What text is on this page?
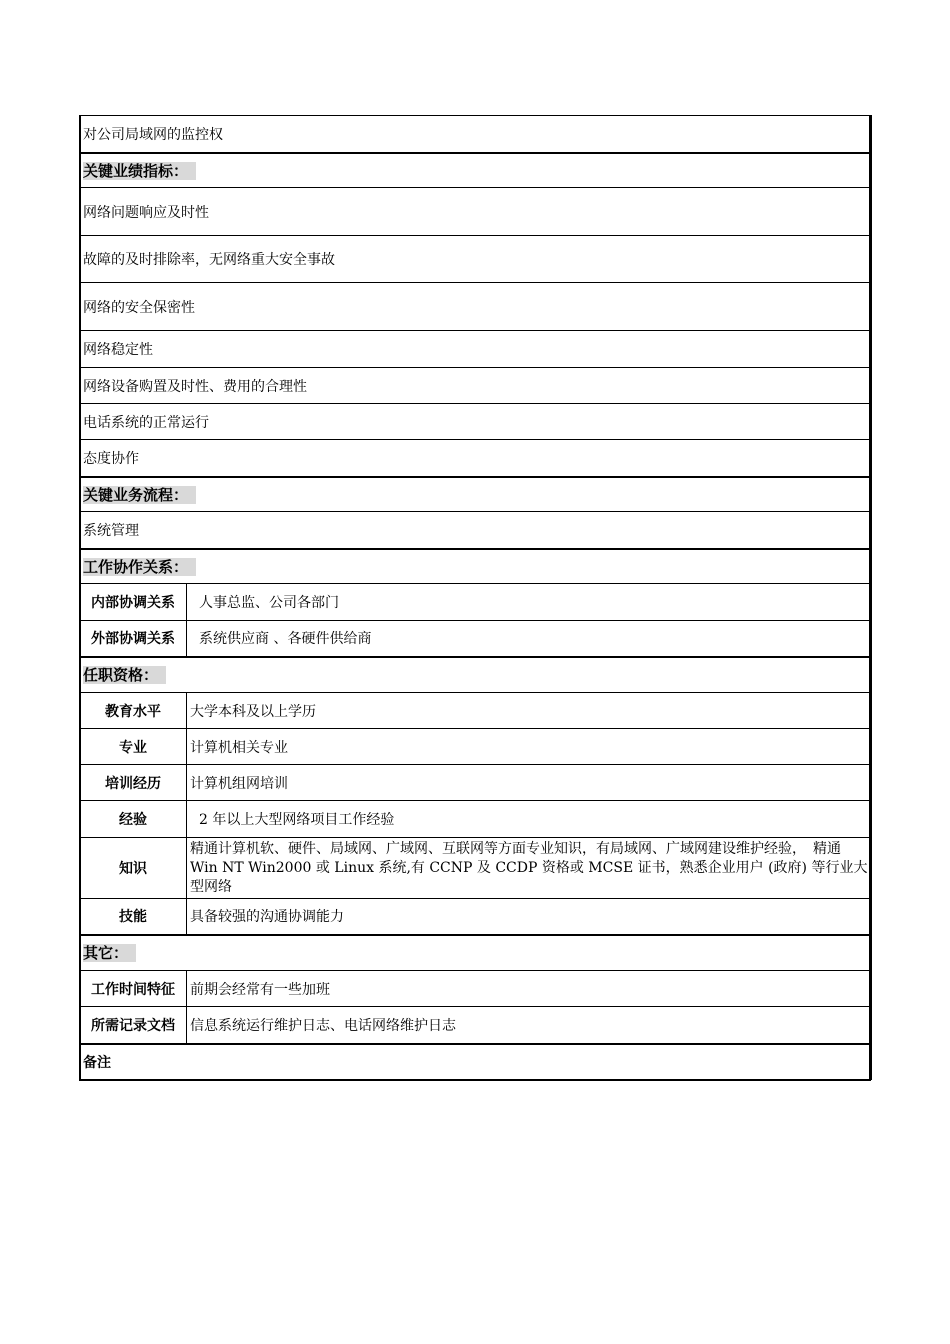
对公司局域网的监控权	
关键业绩指标：	
网络问题响应及时性	
故障的及时排除率，无网络重大安全事故	
网络的安全保密性	
网络稳定性	
网络设备购置及时性、费用的合理性	
电话系统的正常运行	
态度协作	
关键业务流程：	
系统管理	
工作协作关系：	
内部协调关系	人事总监、公司各部门
外部协调关系	系统供应商 、各硬件供给商
任职资格：	
教育水平	大学本科及以上学历
专业	计算机相关专业
培训经历	计算机组网培训
经验	2 年以上大型网络项目工作经验
知识	精通计算机软、硬件、局域网、广域网、互联网等方面专业知识，有局域网、广域网建设维护经验，　精通 Win NT Win2000 或 Linux 系统,有 CCNP 及 CCDP 资格或 MCSE 证书，熟悉企业用户 (政府) 等行业大型网络
技能	具备较强的沟通协调能力
其它：	
工作时间特征	前期会经常有一些加班
所需记录文档	信息系统运行维护日志、电话网络维护日志
备注	
